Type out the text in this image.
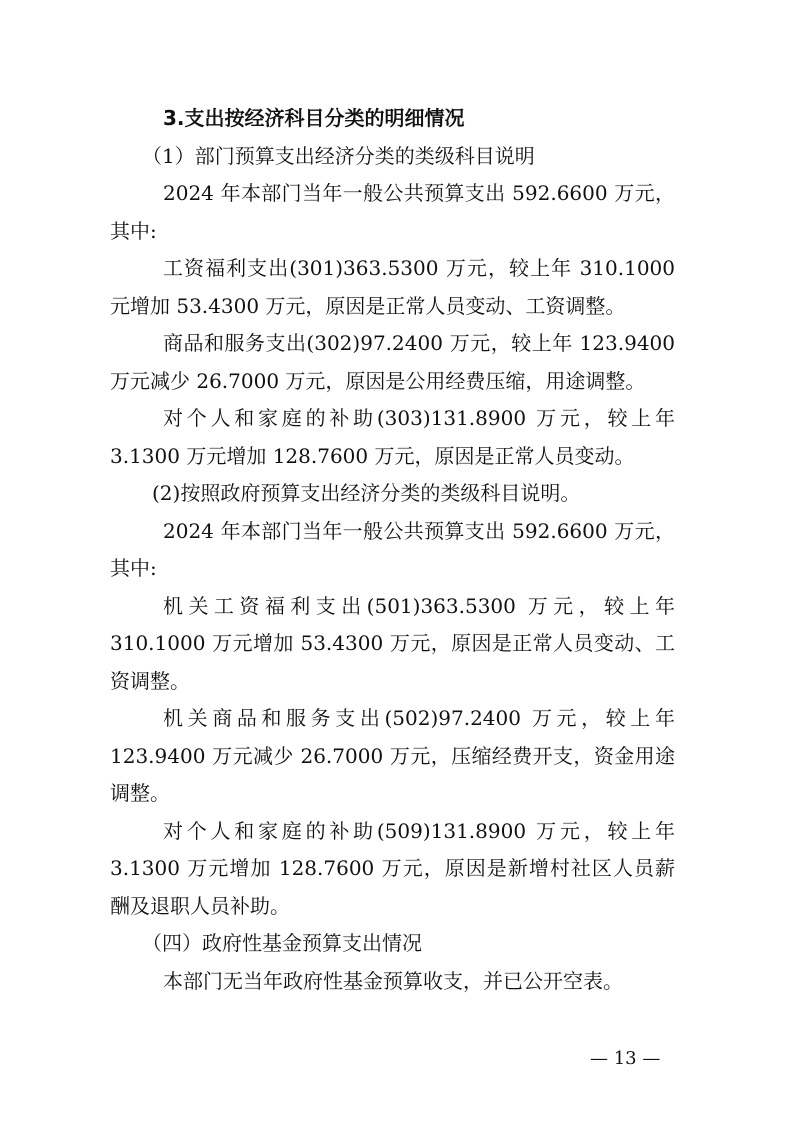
3.支出按经济科目分类的明细情况
（1）部门预算支出经济分类的类级科目说明
2024 年本部门当年一般公共预算支出 592.6600 万元，
其中:
工资福利支出(301)363.5300 万元，较上年 310.1000
元增加 53.4300 万元，原因是正常人员变动、工资调整。
商品和服务支出(302)97.2400 万元，较上年 123.9400
万元减少 26.7000 万元，原因是公用经费压缩，用途调整。
对个人和家庭的补助(303)131.8900 万元，较上年
3.1300 万元增加 128.7600 万元，原因是正常人员变动。
(2)按照政府预算支出经济分类的类级科目说明。
2024 年本部门当年一般公共预算支出 592.6600 万元，
其中:
机关工资福利支出(501)363.5300 万元，较上年
310.1000 万元增加 53.4300 万元，原因是正常人员变动、工
资调整。
机关商品和服务支出(502)97.2400 万元，较上年
123.9400 万元减少 26.7000 万元，压缩经费开支，资金用途
调整。
对个人和家庭的补助(509)131.8900 万元，较上年
3.1300 万元增加 128.7600 万元，原因是新增村社区人员薪
酬及退职人员补助。
（四）政府性基金预算支出情况
本部门无当年政府性基金预算收支，并已公开空表。
— 13 —
